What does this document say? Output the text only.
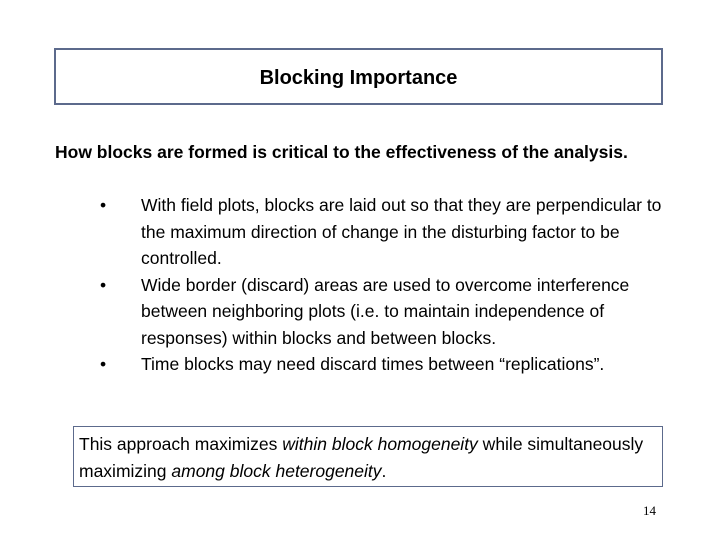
Blocking Importance

How blocks are formed is critical to the effectiveness of the analysis.

•	With field plots, blocks are laid out so that they are perpendicular to the maximum direction of change in the disturbing factor to be controlled.
•	Wide border (discard) areas are used to overcome interference between neighboring plots (i.e. to maintain independence of responses) within blocks and between blocks.
•	Time blocks may need discard times between “replications”.

This approach maximizes within block homogeneity while simultaneously maximizing among block heterogeneity.

14
